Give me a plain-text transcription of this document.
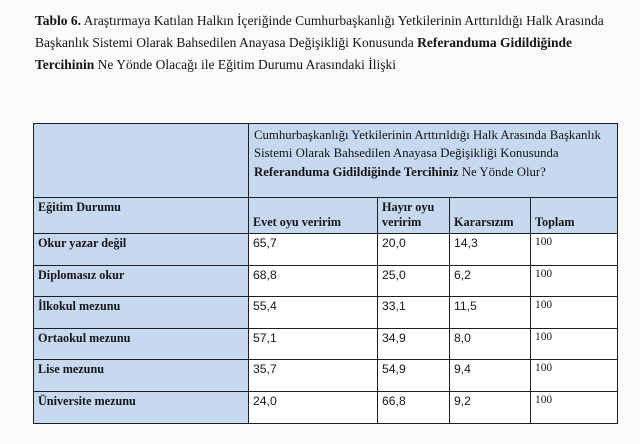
Tablo 6. Araştırmaya Katılan Halkın İçeriğinde Cumhurbaşkanlığı Yetkilerinin Arttırıldığı Halk Arasında Başkanlık Sistemi Olarak Bahsedilen Anayasa Değişikliği Konusunda Referanduma Gidildiğinde Tercihinin Ne Yönde Olacağı ile Eğitim Durumu Arasındaki İlişki

	Cumhurbaşkanlığı Yetkilerinin Arttırıldığı Halk Arasında Başkanlık Sistemi Olarak Bahsedilen Anayasa Değişikliği Konusunda Referanduma Gidildiğinde Tercihiniz Ne Yönde Olur?			
Eğitim Durumu	Evet oyu veririm	Hayır oyu veririm	Kararsızım	Toplam
Okur yazar değil	65,7	20,0	14,3	100
Diplomasız okur	68,8	25,0	6,2	100
İlkokul mezunu	55,4	33,1	11,5	100
Ortaokul mezunu	57,1	34,9	8,0	100
Lise mezunu	35,7	54,9	9,4	100
Üniversite mezunu	24,0	66,8	9,2	100
